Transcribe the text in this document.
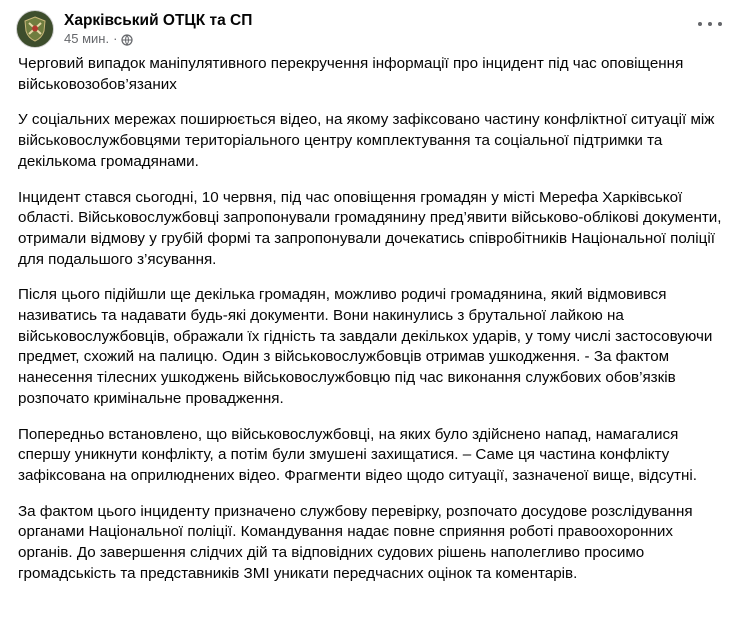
Харківський ОТЦК та СП
45 мин. ·

Черговий випадок маніпулятивного перекручення інформації про інцидент під час оповіщення військовозобов’язаних

У соціальних мережах поширюється відео, на якому зафіксовано частину конфліктної ситуації між військовослужбовцями територіального центру комплектування та соціальної підтримки та декількома громадянами.

Інцидент стався сьогодні, 10 червня, під час оповіщення громадян у місті Мерефа Харківської області. Військовослужбовці запропонували громадянину пред’явити військово-облікові документи, отримали відмову у грубій формі та запропонували дочекатись співробітників Національної поліції для подальшого з’ясування.

Після цього підійшли ще декілька громадян, можливо родичі громадянина, який відмовився називатись та надавати будь-які документи. Вони накинулись з брутальної лайкою на військовослужбовців, ображали їх гідність та завдали декількох ударів, у тому числі застосовуючи предмет, схожий на палицю. Один з військовослужбовців отримав ушкодження. - За фактом нанесення тілесних ушкоджень військовослужбовцю під час виконання службових обов’язків розпочато кримінальне провадження.

Попередньо встановлено, що військовослужбовці, на яких було здійснено напад, намагалися спершу уникнути конфлікту, а потім були змушені захищатися. – Саме ця частина конфлікту зафіксована на оприлюднених відео. Фрагменти відео щодо ситуації, зазначеної вище, відсутні.

За фактом цього інциденту призначено службову перевірку, розпочато досудове розслідування органами Національної поліції. Командування надає повне сприяння роботі правоохоронних органів. До завершення слідчих дій та відповідних судових рішень наполегливо просимо громадськість та представників ЗМІ уникати передчасних оцінок та коментарів.
